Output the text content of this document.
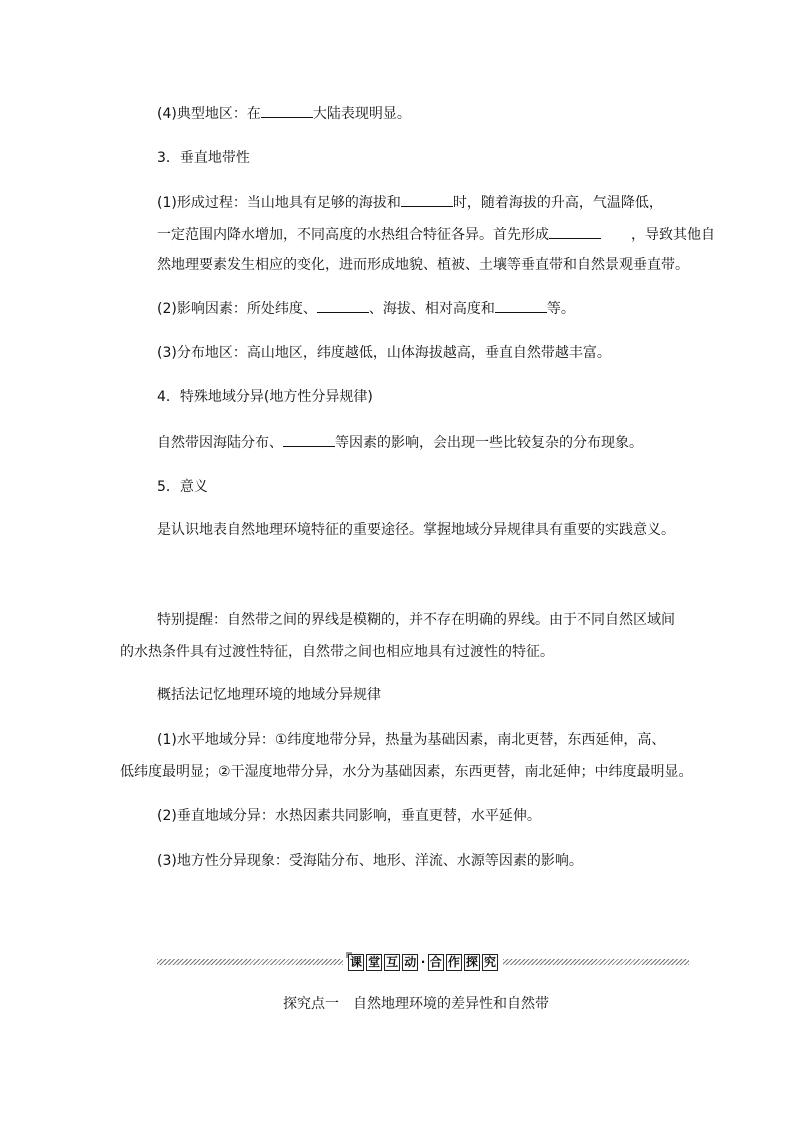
(4)典型地区：在	大陆表现明显。
3．垂直地带性
(1)形成过程：当山地具有足够的海拔和	时，随着海拔的升高，气温降低，
一定范围内降水增加，不同高度的水热组合特征各异。首先形成	，导致其他自
然地理要素发生相应的变化，进而形成地貌、植被、土壤等垂直带和自然景观垂直带。
(2)影响因素：所处纬度、	、海拔、相对高度和	等。
(3)分布地区：高山地区，纬度越低，山体海拔越高，垂直自然带越丰富。
4．特殊地域分异(地方性分异规律)
自然带因海陆分布、	等因素的影响，会出现一些比较复杂的分布现象。
5．意义
是认识地表自然地理环境特征的重要途径。掌握地域分异规律具有重要的实践意义。
特别提醒：自然带之间的界线是模糊的，并不存在明确的界线。由于不同自然区域间
的水热条件具有过渡性特征，自然带之间也相应地具有过渡性的特征。
概括法记忆地理环境的地域分异规律
(1)水平地域分异：①纬度地带分异，热量为基础因素，南北更替，东西延伸，高、
低纬度最明显；②干湿度地带分异，水分为基础因素，东西更替，南北延伸；中纬度最明显。
(2)垂直地域分异：水热因素共同影响，垂直更替，水平延伸。
(3)地方性分异现象：受海陆分布、地形、洋流、水源等因素的影响。
课 堂 互 动 · 合 作 探 究
探究点一　自然地理环境的差异性和自然带
